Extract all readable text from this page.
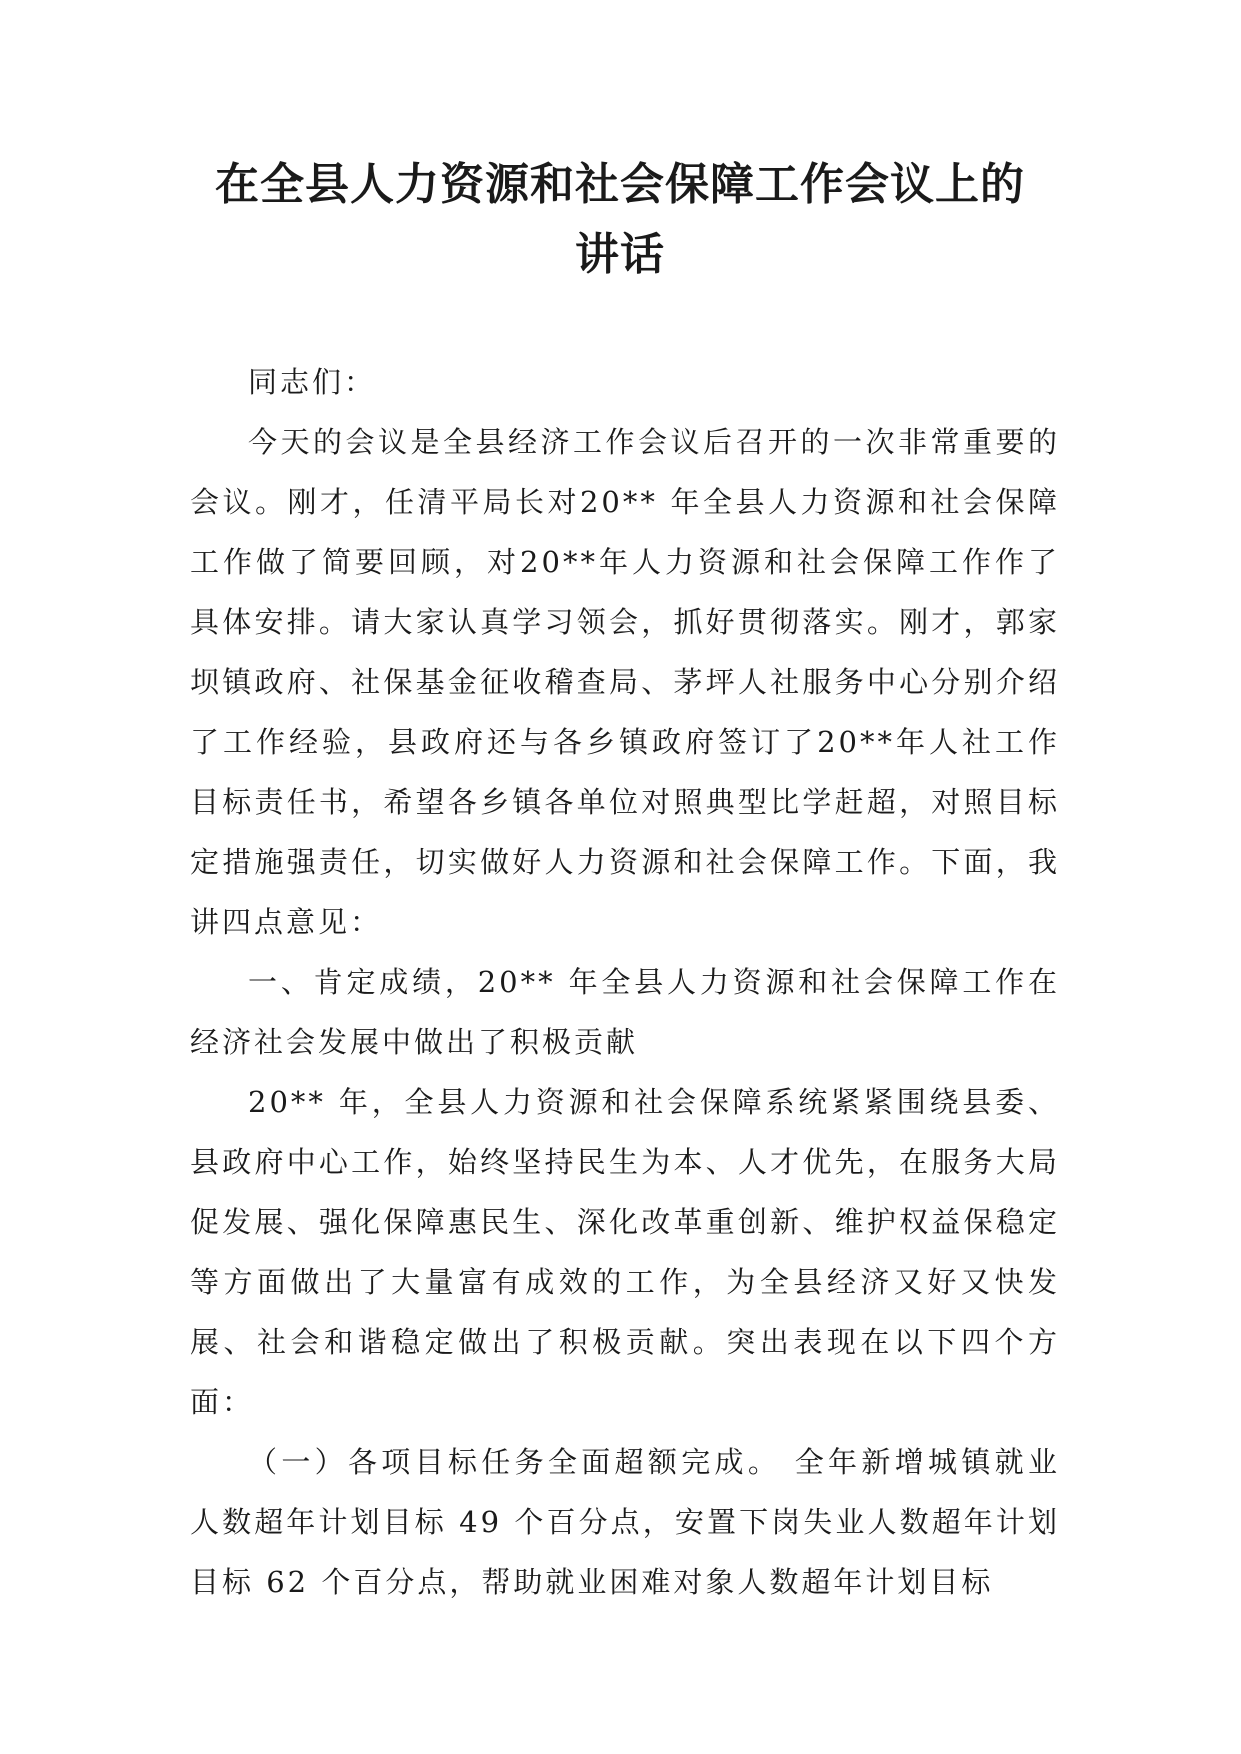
在全县人力资源和社会保障工作会议上的
讲话

同志们：

今天的会议是全县经济工作会议后召开的一次非常重要的会议。刚才，任清平局长对20** 年全县人力资源和社会保障工作做了简要回顾，对20**年人力资源和社会保障工作作了具体安排。请大家认真学习领会，抓好贯彻落实。刚才，郭家坝镇政府、社保基金征收稽查局、茅坪人社服务中心分别介绍了工作经验，县政府还与各乡镇政府签订了20**年人社工作目标责任书，希望各乡镇各单位对照典型比学赶超，对照目标定措施强责任，切实做好人力资源和社会保障工作。下面，我讲四点意见：

一、肯定成绩，20** 年全县人力资源和社会保障工作在经济社会发展中做出了积极贡献

20** 年，全县人力资源和社会保障系统紧紧围绕县委、县政府中心工作，始终坚持民生为本、人才优先，在服务大局促发展、强化保障惠民生、深化改革重创新、维护权益保稳定等方面做出了大量富有成效的工作，为全县经济又好又快发展、社会和谐稳定做出了积极贡献。突出表现在以下四个方面：

（一）各项目标任务全面超额完成。 全年新增城镇就业人数超年计划目标 49 个百分点，安置下岗失业人数超年计划目标 62 个百分点，帮助就业困难对象人数超年计划目标
